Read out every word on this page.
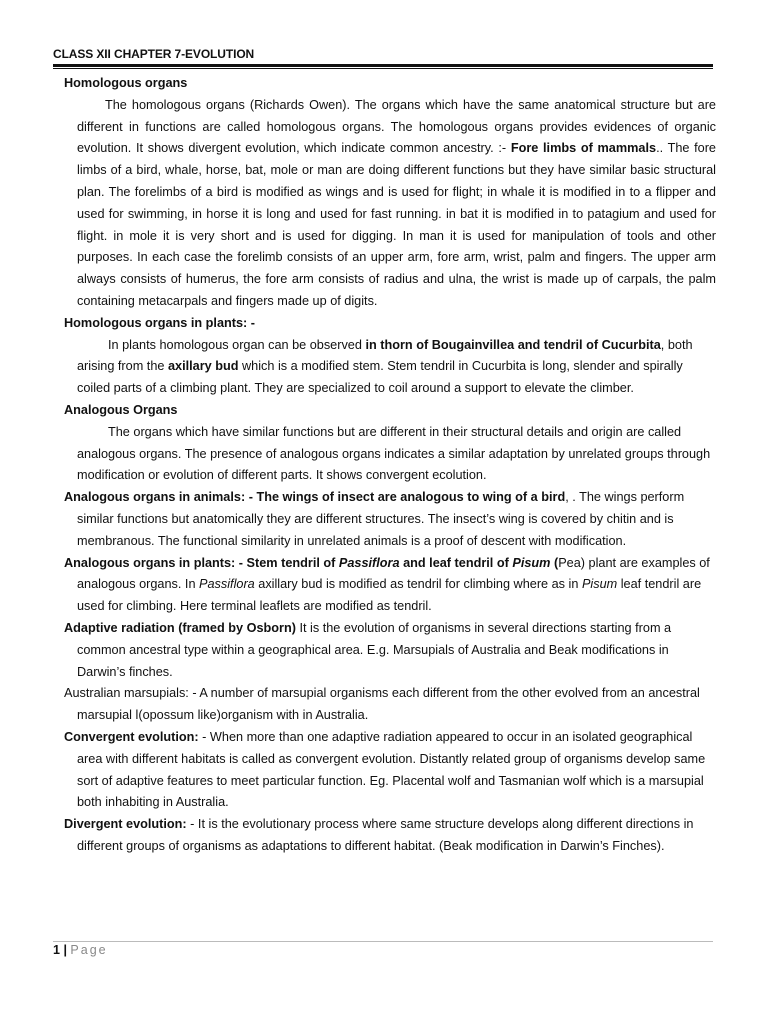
CLASS XII CHAPTER 7-EVOLUTION

Homologous organs

The homologous organs (Richards Owen). The organs which have the same anatomical structure but are different in functions are called homologous organs. The homologous organs provides evidences of organic evolution. It shows divergent evolution, which indicate common ancestry. :- Fore limbs of mammals.. The fore limbs of a bird, whale, horse, bat, mole or man are doing different functions but they have similar basic structural plan. The forelimbs of a bird is modified as wings and is used for flight; in whale it is modified in to a flipper and used for swimming, in horse it is long and used for fast running. in bat it is modified in to patagium and used for flight. in mole it is very short and is used for digging. In man it is used for manipulation of tools and other purposes. In each case the forelimb consists of an upper arm, fore arm, wrist, palm and fingers. The upper arm always consists of humerus, the fore arm consists of radius and ulna, the wrist is made up of carpals, the palm containing metacarpals and fingers made up of digits.

Homologous organs in plants: -

In plants homologous organ can be observed in thorn of Bougainvillea and tendril of Cucurbita, both arising from the axillary bud which is a modified stem. Stem tendril in Cucurbita is long, slender and spirally coiled parts of a climbing plant. They are specialized to coil around a support to elevate the climber.

Analogous Organs

The organs which have similar functions but are different in their structural details and origin are called analogous organs. The presence of analogous organs indicates a similar adaptation by unrelated groups through modification or evolution of different parts. It shows convergent ecolution.

Analogous organs in animals: - The wings of insect are analogous to wing of a bird, . The wings perform similar functions but anatomically they are different structures. The insect’s wing is covered by chitin and is membranous. The functional similarity in unrelated animals is a proof of descent with modification.

Analogous organs in plants: - Stem tendril of Passiflora and leaf tendril of Pisum (Pea) plant are examples of analogous organs. In Passiflora axillary bud is modified as tendril for climbing where as in Pisum leaf tendril are used for climbing. Here terminal leaflets are modified as tendril.

Adaptive radiation (framed by Osborn) It is the evolution of organisms in several directions starting from a common ancestral type within a geographical area. E.g. Marsupials of Australia and Beak modifications in Darwin’s finches.

Australian marsupials: - A number of marsupial organisms each different from the other evolved from an ancestral marsupial l(opossum like)organism with in Australia.

Convergent evolution: - When more than one adaptive radiation appeared to occur in an isolated geographical area with different habitats is called as convergent evolution. Distantly related group of organisms develop same sort of adaptive features to meet particular function. Eg. Placental wolf and Tasmanian wolf which is a marsupial both inhabiting in Australia.

Divergent evolution: - It is the evolutionary process where same structure develops along different directions in different groups of organisms as adaptations to different habitat. (Beak modification in Darwin’s Finches).

1 | Page
